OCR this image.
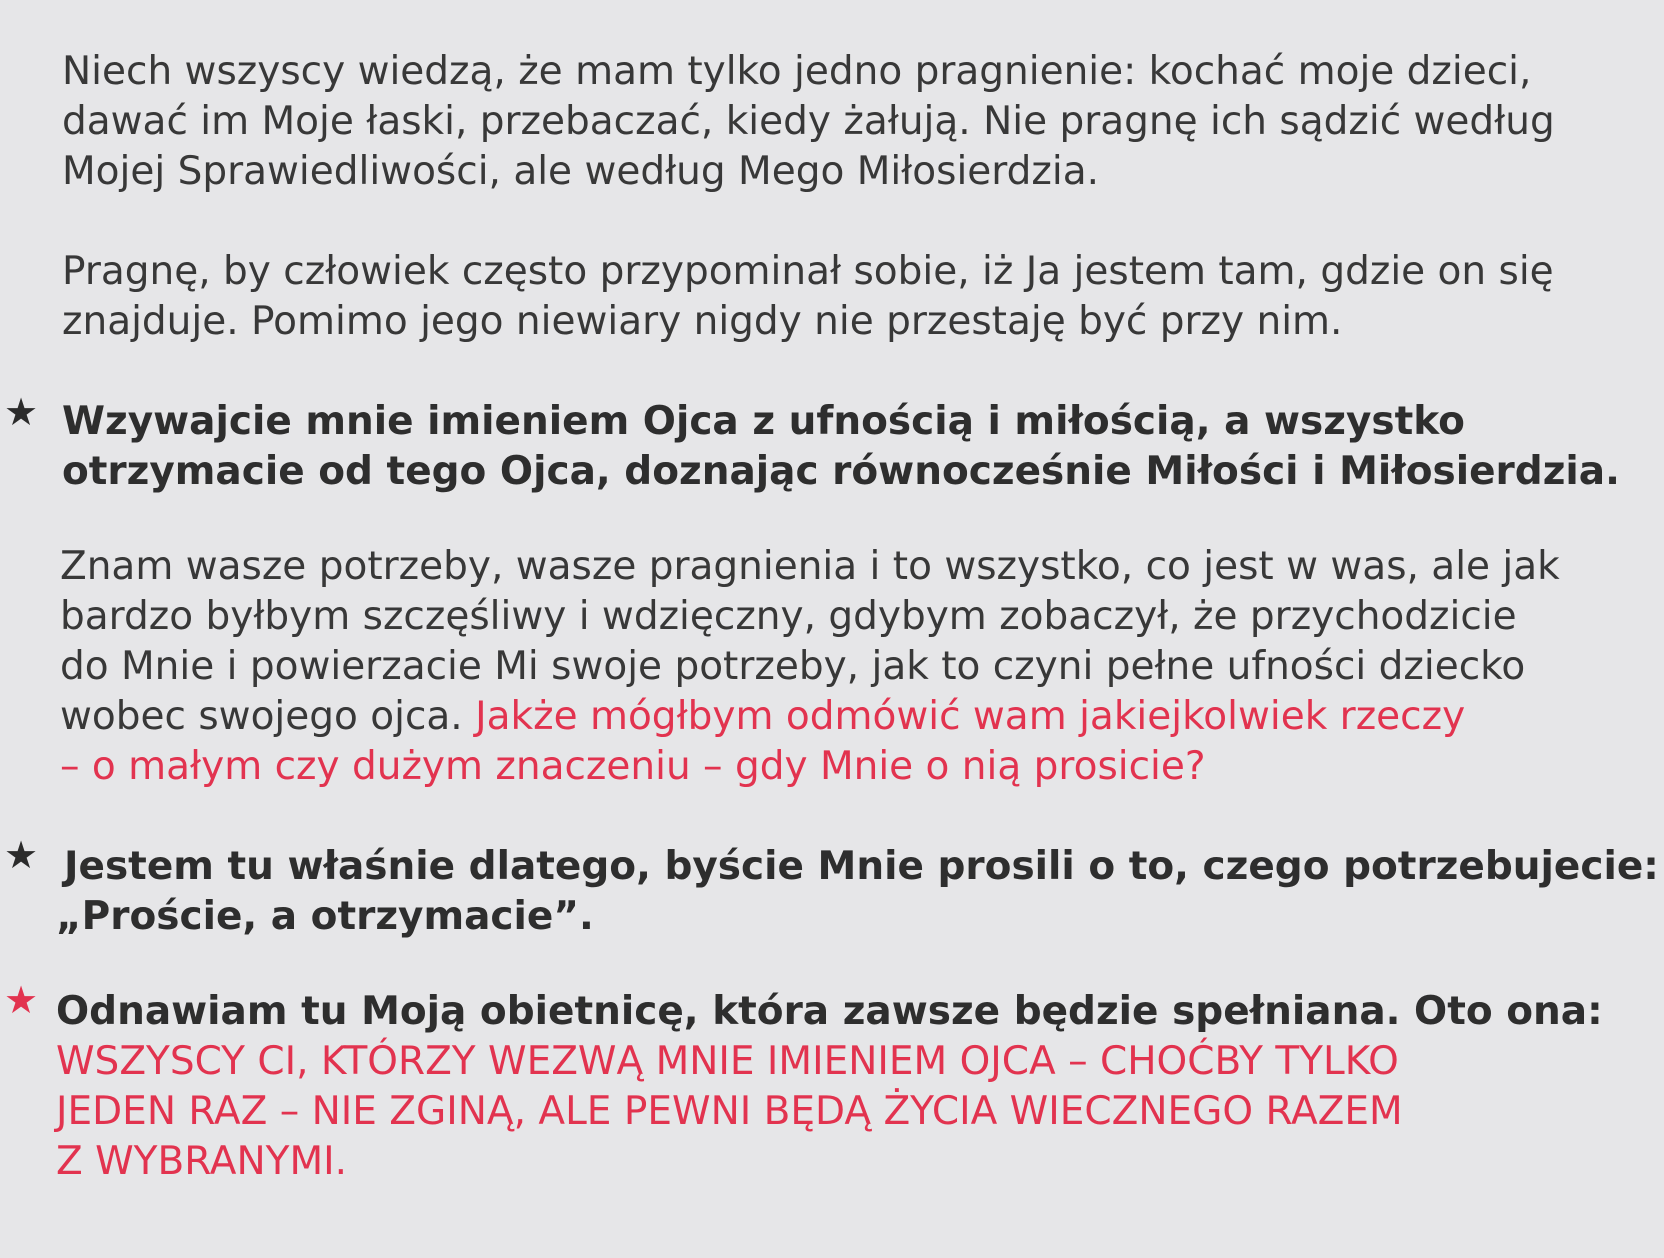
Niech wszyscy wiedzą, że mam tylko jedno pragnienie: kochać moje dzieci,
dawać im Moje łaski, przebaczać, kiedy żałują. Nie pragnę ich sądzić według
Mojej Sprawiedliwości, ale według Mego Miłosierdzia.
Pragnę, by człowiek często przypominał sobie, iż Ja jestem tam, gdzie on się
znajduje. Pomimo jego niewiary nigdy nie przestaję być przy nim.
★ Wzywajcie mnie imieniem Ojca z ufnością i miłością, a wszystko
otrzymacie od tego Ojca, doznając równocześnie Miłości i Miłosierdzia.
Znam wasze potrzeby, wasze pragnienia i to wszystko, co jest w was, ale jak
bardzo byłbym szczęśliwy i wdzięczny, gdybym zobaczył, że przychodzicie
do Mnie i powierzacie Mi swoje potrzeby, jak to czyni pełne ufności dziecko
wobec swojego ojca. Jakże mógłbym odmówić wam jakiejkolwiek rzeczy
– o małym czy dużym znaczeniu – gdy Mnie o nią prosicie?
★ Jestem tu właśnie dlatego, byście Mnie prosili o to, czego potrzebujecie:
„Proście, a otrzymacie”.
★ Odnawiam tu Moją obietnicę, która zawsze będzie spełniana. Oto ona:
WSZYSCY CI, KTÓRZY WEZWĄ MNIE IMIENIEM OJCA – CHOĆBY TYLKO
JEDEN RAZ – NIE ZGINĄ, ALE PEWNI BĘDĄ ŻYCIA WIECZNEGO RAZEM
Z WYBRANYMI.
